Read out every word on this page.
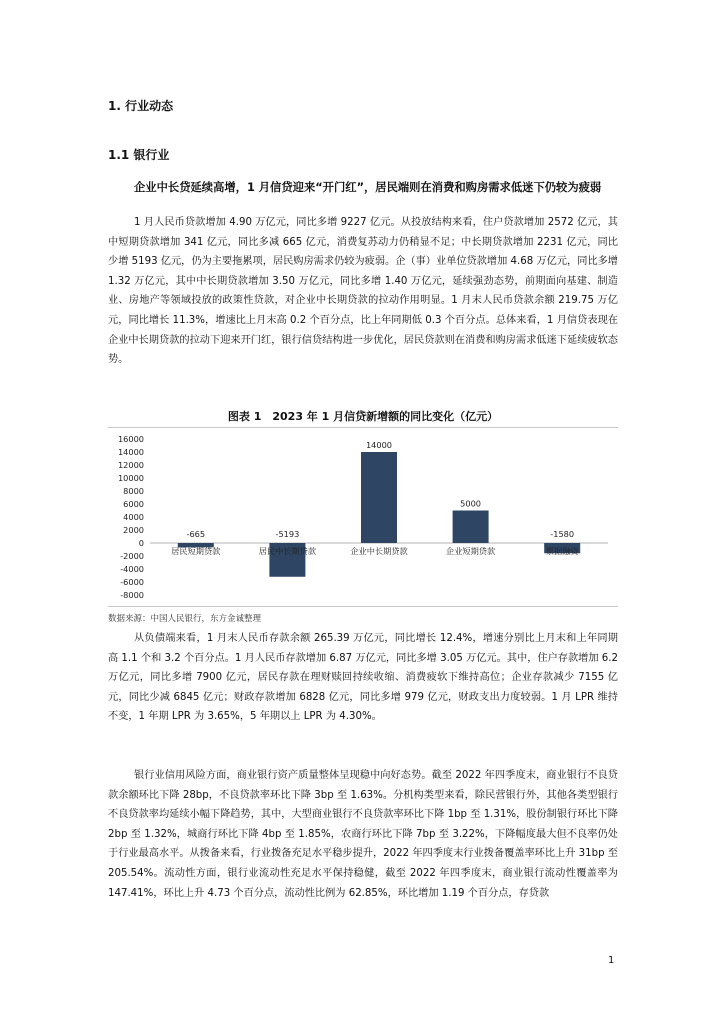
1. 行业动态
1.1 银行业
企业中长贷延续高增，1 月信贷迎来“开门红”，居民端则在消费和购房需求低迷下仍较为疲弱
1 月人民币贷款增加 4.90 万亿元，同比多增 9227 亿元。从投放结构来看，住户贷款增加 2572 亿元，其中短期贷款增加 341 亿元，同比多减 665 亿元，消费复苏动力仍稍显不足；中长期贷款增加 2231 亿元，同比少增 5193 亿元，仍为主要拖累项，居民购房需求仍较为疲弱。企（事）业单位贷款增加 4.68 万亿元，同比多增 1.32 万亿元，其中中长期贷款增加 3.50 万亿元，同比多增 1.40 万亿元，延续强劲态势，前期面向基建、制造业、房地产等领域投放的政策性贷款，对企业中长期贷款的拉动作用明显。1 月末人民币贷款余额 219.75 万亿元，同比增长 11.3%，增速比上月末高 0.2 个百分点，比上年同期低 0.3 个百分点。总体来看，1 月信贷表现在企业中长期贷款的拉动下迎来开门红，银行信贷结构进一步优化，居民贷款则在消费和购房需求低迷下延续疲软态势。
图表 1　2023 年 1 月信贷新增额的同比变化（亿元）
16000
14000
12000
10000
8000
6000
4000
2000
0
-2000
-4000
-6000
-8000
-665
居民短期贷款
-5193
居民中长期贷款
14000
企业中长期贷款
5000
企业短期贷款
-1580
票据融资
数据来源：中国人民银行，东方金诚整理
从负债端来看，1 月末人民币存款余额 265.39 万亿元，同比增长 12.4%，增速分别比上月末和上年同期高 1.1 个和 3.2 个百分点。1 月人民币存款增加 6.87 万亿元，同比多增 3.05 万亿元。其中，住户存款增加 6.2 万亿元，同比多增 7900 亿元，居民存款在理财赎回持续收缩、消费疲软下维持高位；企业存款减少 7155 亿元，同比少减 6845 亿元；财政存款增加 6828 亿元，同比多增 979 亿元，财政支出力度较弱。1 月 LPR 维持不变，1 年期 LPR 为 3.65%，5 年期以上 LPR 为 4.30%。
银行业信用风险方面，商业银行资产质量整体呈现稳中向好态势。截至 2022 年四季度末，商业银行不良贷款余额环比下降 28bp，不良贷款率环比下降 3bp 至 1.63%。分机构类型来看，除民营银行外，其他各类型银行不良贷款率均延续小幅下降趋势，其中，大型商业银行不良贷款率环比下降 1bp 至 1.31%，股份制银行环比下降 2bp 至 1.32%，城商行环比下降 4bp 至 1.85%，农商行环比下降 7bp 至 3.22%，下降幅度最大但不良率仍处于行业最高水平。从拨备来看，行业拨备充足水平稳步提升，2022 年四季度末行业拨备覆盖率环比上升 31bp 至 205.54%。流动性方面，银行业流动性充足水平保持稳健，截至 2022 年四季度末，商业银行流动性覆盖率为 147.41%，环比上升 4.73 个百分点，流动性比例为 62.85%，环比增加 1.19 个百分点，存贷款
1
